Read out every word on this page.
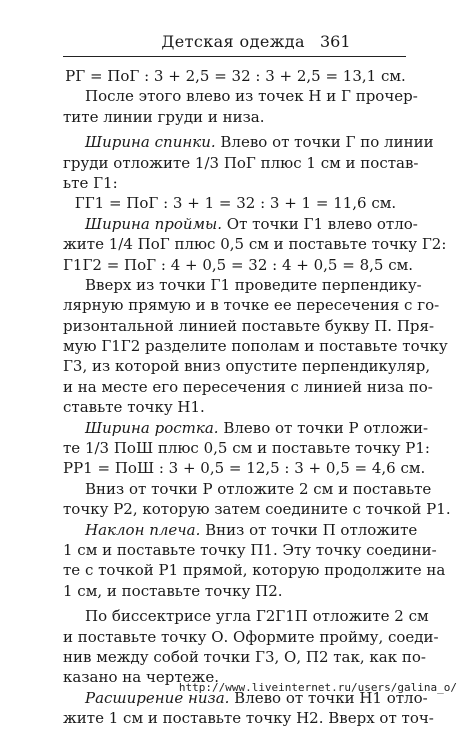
Детская одежда 361
РГ = ПоГ : 3 + 2,5 = 32 : 3 + 2,5 = 13,1 см.
После этого влево из точек Н и Г прочер-
тите линии груди и низа.
Ширина спинки. Влево от точки Г по линии
груди отложите 1/3 ПоГ плюс 1 см и постав-
ьте Г1:
ГГ1 = ПоГ : 3 + 1 = 32 : 3 + 1 = 11,6 см.
Ширина проймы. От точки Г1 влево отло-
жите 1/4 ПоГ плюс 0,5 см и поставьте точку Г2:
Г1Г2 = ПоГ : 4 + 0,5 = 32 : 4 + 0,5 = 8,5 см.
Вверх из точки Г1 проведите перпендику-
лярную прямую и в точке ее пересечения с го-
ризонтальной линией поставьте букву П. Пря-
мую Г1Г2 разделите пополам и поставьте точку
Г3, из которой вниз опустите перпендикуляр,
и на месте его пересечения с линией низа по-
ставьте точку Н1.
Ширина ростка. Влево от точки Р отложи-
те 1/3 ПоШ плюс 0,5 см и поставьте точку Р1:
РР1 = ПоШ : 3 + 0,5 = 12,5 : 3 + 0,5 = 4,6 см.
Вниз от точки Р отложите 2 см и поставьте
точку Р2, которую затем соедините с точкой Р1.
Наклон плеча. Вниз от точки П отложите
1 см и поставьте точку П1. Эту точку соедини-
те с точкой Р1 прямой, которую продолжите на
1 см, и поставьте точку П2.
По биссектрисе угла Г2Г1П отложите 2 см
и поставьте точку О. Оформите пройму, соеди-
нив между собой точки Г3, О, П2 так, как по-
казано на чертеже.
Расширение низа. Влево от точки Н1 отло-
жите 1 см и поставьте точку Н2. Вверх от точ-
http://www.liveinternet.ru/users/galina_o/
